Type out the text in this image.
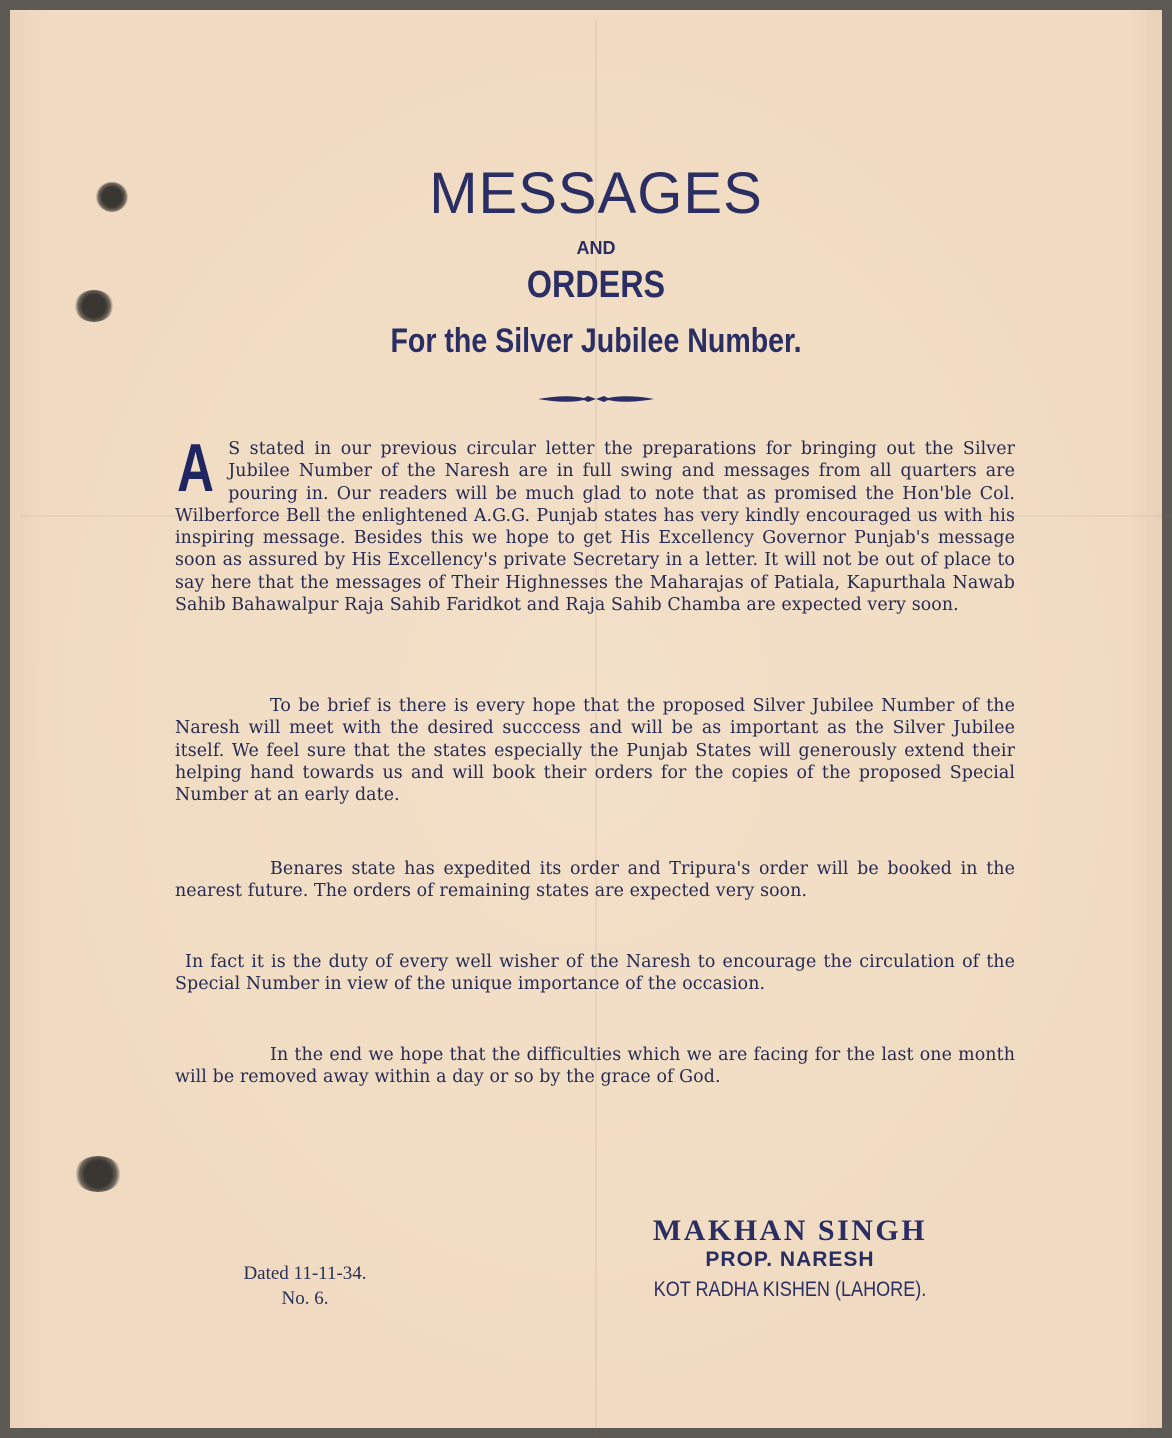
MESSAGES
AND
ORDERS
For the Silver Jubilee Number.

A S stated in our previous circular letter the preparations for bringing out the Silver Jubilee Number of the Naresh are in full swing and messages from all quarters are pouring in. Our readers will be much glad to note that as promised the Hon'ble Col. Wilberforce Bell the enlightened A.G.G. Punjab states has very kindly encouraged us with his inspiring message. Besides this we hope to get His Excellency Governor Punjab's message soon as assured by His Excellency's private Secretary in a letter. It will not be out of place to say here that the messages of Their Highnesses the Maharajas of Patiala, Kapurthala Nawab Sahib Bahawalpur Raja Sahib Faridkot and Raja Sahib Chamba are expected very soon.

To be brief is there is every hope that the proposed Silver Jubilee Number of the Naresh will meet with the desired succcess and will be as important as the Silver Jubilee itself. We feel sure that the states especially the Punjab States will generously extend their helping hand towards us and will book their orders for the copies of the proposed Special Number at an early date.

Benares state has expedited its order and Tripura's order will be booked in the nearest future. The orders of remaining states are expected very soon.

In fact it is the duty of every well wisher of the Naresh to encourage the circulation of the Special Number in view of the unique importance of the occasion.

In the end we hope that the difficulties which we are facing for the last one month will be removed away within a day or so by the grace of God.

Dated 11-11-34.

No. 6.

MAKHAN SINGH

PROP. NARESH

KOT RADHA KISHEN (LAHORE).
